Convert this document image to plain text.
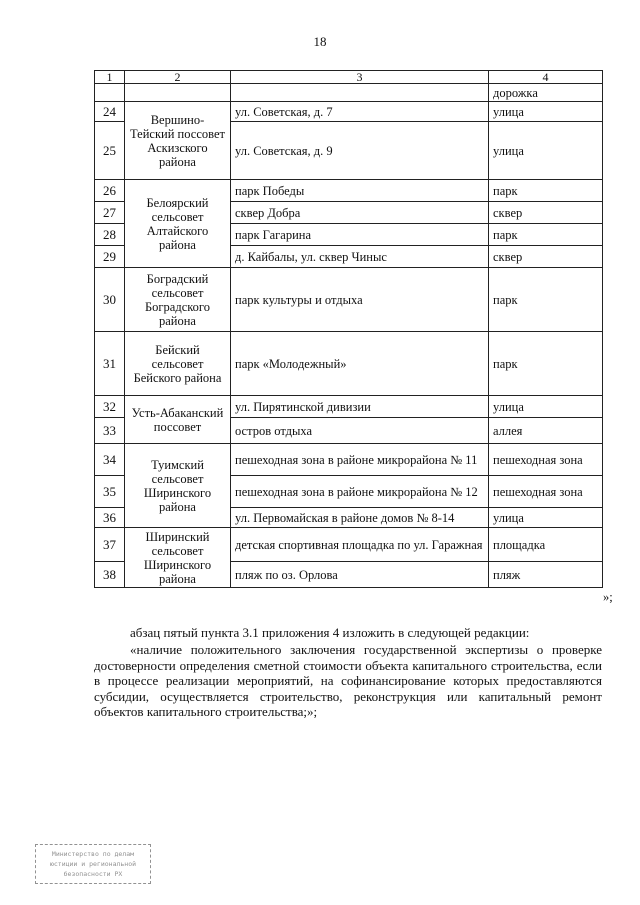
18
1	2	3	4
			дорожка
24	Вершино-Тейский поссовет Аскизского района	ул. Советская, д. 7	улица
25		ул. Советская, д. 9	улица
26	Белоярский сельсовет Алтайского района	парк Победы	парк
27		сквер Добра	сквер
28		парк Гагарина	парк
29		д. Кайбалы, ул. сквер Чиныс	сквер
30	Боградский сельсовет Боградского района	парк культуры и отдыха	парк
31	Бейский сельсовет Бейского района	парк «Молодежный»	парк
32	Усть-Абаканский поссовет	ул. Пирятинской дивизии	улица
33		остров отдыха	аллея
34	Туимский сельсовет Ширинского района	пешеходная зона в районе микрорайона № 11	пешеходная зона
35		пешеходная зона в районе микрорайона № 12	пешеходная зона
36		ул. Первомайская в районе домов № 8-14	улица
37	Ширинский сельсовет Ширинского района	детская спортивная площадка по ул. Гаражная	площадка
38		пляж по оз. Орлова	пляж
»;
абзац пятый пункта 3.1 приложения 4 изложить в следующей редакции:
«наличие положительного заключения государственной экспертизы о проверке достоверности определения сметной стоимости объекта капитального строительства, если в процессе реализации мероприятий, на софинансирование которых предоставляются субсидии, осуществляется строительство, реконструкция или капитальный ремонт объектов капитального строительства;»;
Министерство по делам
юстиции и региональной
безопасности РХ
